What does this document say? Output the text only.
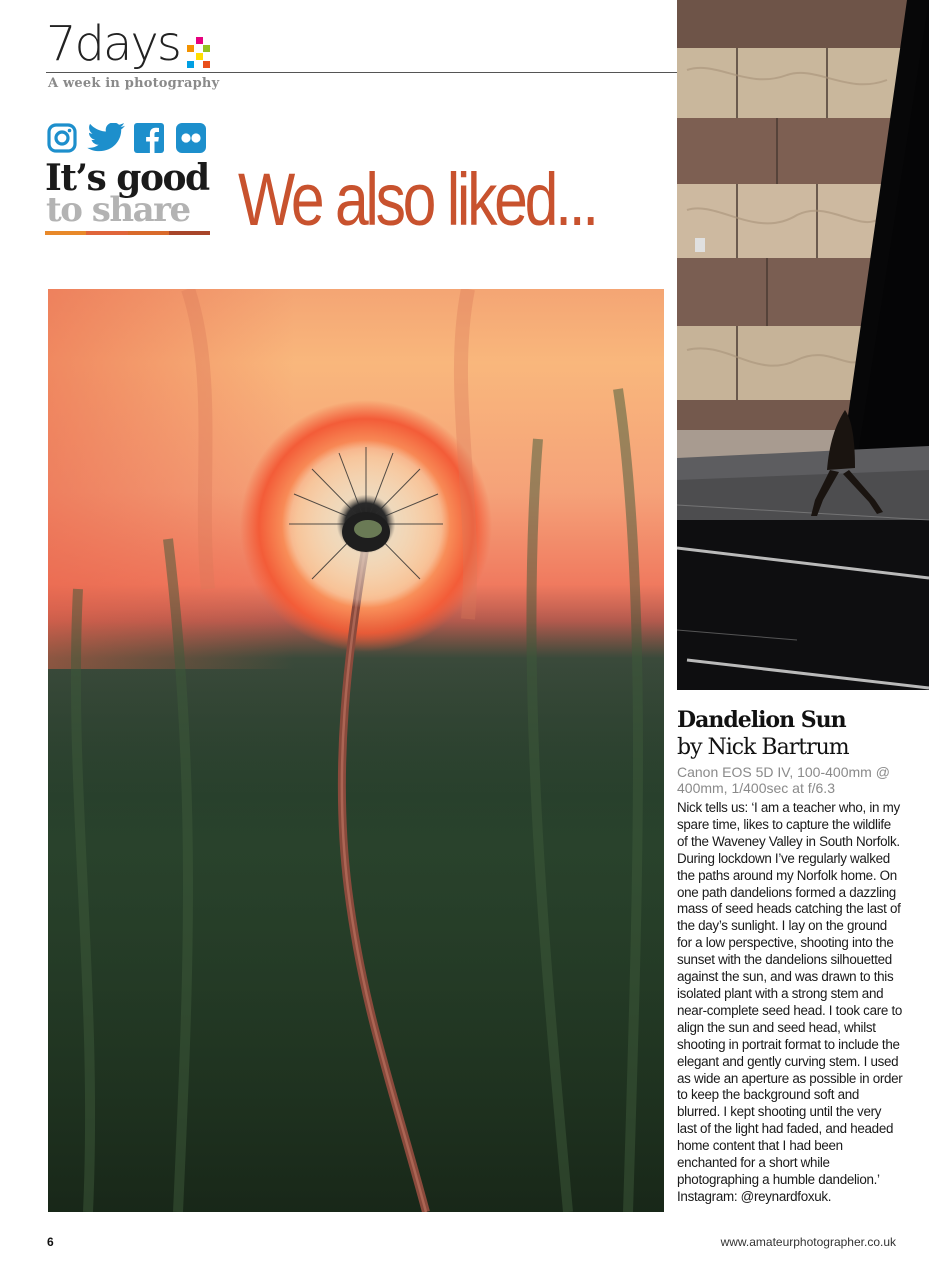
7days
A week in photography
It’s good
to share We also liked...
Dandelion Sun
by Nick Bartrum
Canon EOS 5D IV, 100-400mm @ 400mm, 1/400sec at f/6.3
Nick tells us: ‘I am a teacher who, in my spare time, likes to capture the wildlife of the Waveney Valley in South Norfolk. During lockdown I’ve regularly walked the paths around my Norfolk home. On one path dandelions formed a dazzling mass of seed heads catching the last of the day’s sunlight. I lay on the ground for a low perspective, shooting into the sunset with the dandelions silhouetted against the sun, and was drawn to this isolated plant with a strong stem and near-complete seed head. I took care to align the sun and seed head, whilst shooting in portrait format to include the elegant and gently curving stem. I used as wide an aperture as possible in order to keep the background soft and blurred. I kept shooting until the very last of the light had faded, and headed home content that I had been enchanted for a short while photographing a humble dandelion.’ Instagram: @reynardfoxuk.
6	www.amateurphotographer.co.uk
